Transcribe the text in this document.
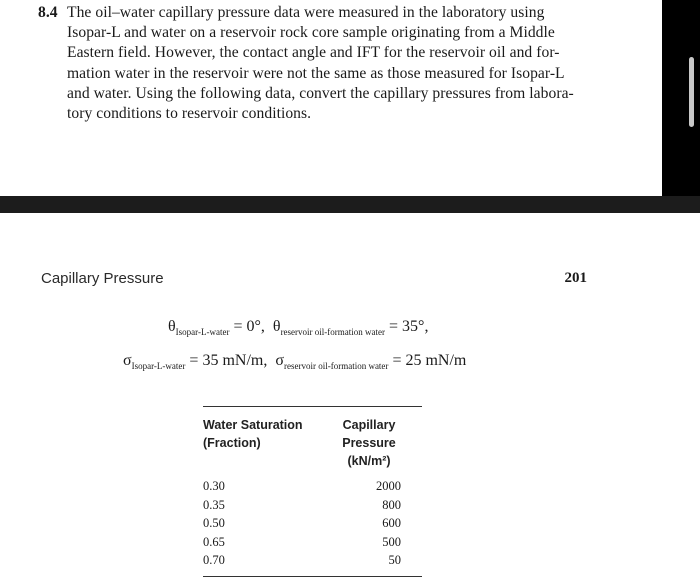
8.4 The oil–water capillary pressure data were measured in the laboratory using
Isopar-L and water on a reservoir rock core sample originating from a Middle
Eastern field. However, the contact angle and IFT for the reservoir oil and for-
mation water in the reservoir were not the same as those measured for Isopar-L
and water. Using the following data, convert the capillary pressures from labora-
tory conditions to reservoir conditions.
Capillary Pressure	201
$\theta_{Isopar-L-water} = 0^\circ$, $\theta_{reservoir oil-formation water} = 35^\circ$,
$\sigma_{Isopar-L-water} = 35$ mN/m, $\sigma_{reservoir oil-formation water} = 25$ mN/m
Water Saturation
(Fraction)
Capillary Pressure
(kN/m²)
0.30	2000
0.35	800
0.50	600
0.65	500
0.70	50
